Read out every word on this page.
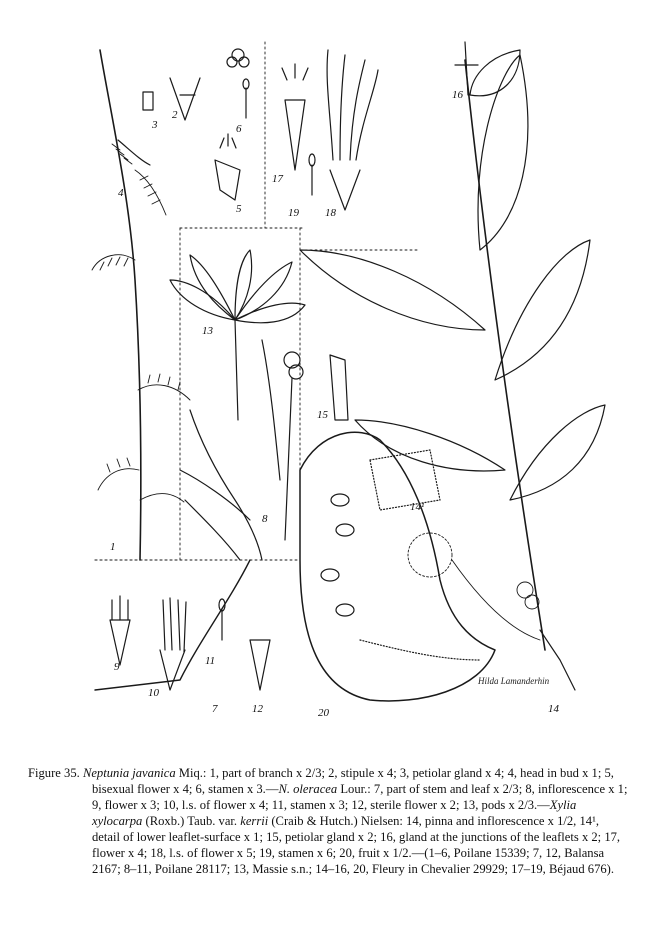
1
2
3
4
5
6
7
8
9
10
11
12
13
14
14¹
15
16
17
18
19
20
Hilda Lamanderhin
Figure 35. Neptunia javanica Miq.: 1, part of branch x 2/3; 2, stipule x 4; 3, petiolar gland x 4; 4, head in bud x 1; 5, bisexual flower x 4; 6, stamen x 3.—N. oleracea Lour.: 7, part of stem and leaf x 2/3; 8, inflorescence x 1; 9, flower x 3; 10, l.s. of flower x 4; 11, stamen x 3; 12, sterile flower x 2; 13, pods x 2/3.—Xylia xylocarpa (Roxb.) Taub. var. kerrii (Craib & Hutch.) Nielsen: 14, pinna and inflorescence x 1/2, 14¹, detail of lower leaflet-surface x 1; 15, petiolar gland x 2; 16, gland at the junctions of the leaflets x 2; 17, flower x 4; 18, l.s. of flower x 5; 19, stamen x 6; 20, fruit x 1/2.—(1–6, Poilane 15339; 7, 12, Balansa 2167; 8–11, Poilane 28117; 13, Massie s.n.; 14–16, 20, Fleury in Chevalier 29929; 17–19, Béjaud 676).
